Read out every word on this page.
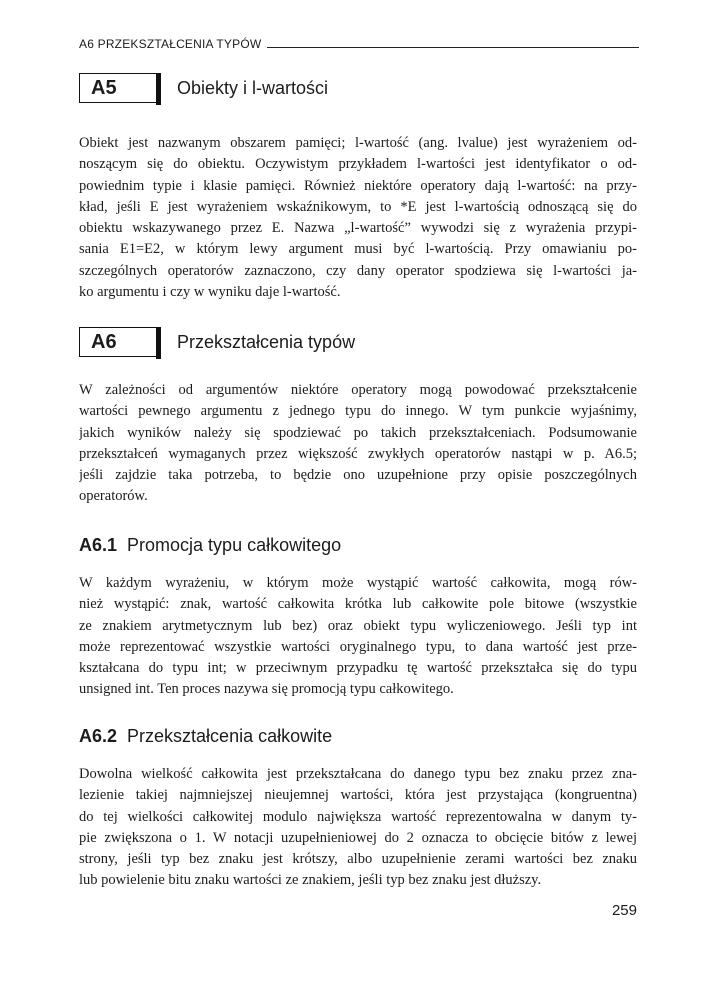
A6 PRZEKSZTAŁCENIA TYPÓW
A5	Obiekty i l-wartości
Obiekt jest nazwanym obszarem pamięci; l-wartość (ang. lvalue) jest wyrażeniem od-
noszącym się do obiektu. Oczywistym przykładem l-wartości jest identyfikator o od-
powiednim typie i klasie pamięci. Również niektóre operatory dają l-wartość: na przy-
kład, jeśli E jest wyrażeniem wskaźnikowym, to *E jest l-wartością odnoszącą się do
obiektu wskazywanego przez E. Nazwa „l-wartość” wywodzi się z wyrażenia przypi-
sania E1=E2, w którym lewy argument musi być l-wartością. Przy omawianiu po-
szczególnych operatorów zaznaczono, czy dany operator spodziewa się l-wartości ja-
ko argumentu i czy w wyniku daje l-wartość.
A6	Przekształcenia typów
W zależności od argumentów niektóre operatory mogą powodować przekształcenie
wartości pewnego argumentu z jednego typu do innego. W tym punkcie wyjaśnimy,
jakich wyników należy się spodziewać po takich przekształceniach. Podsumowanie
przekształceń wymaganych przez większość zwykłych operatorów nastąpi w p. A6.5;
jeśli zajdzie taka potrzeba, to będzie ono uzupełnione przy opisie poszczególnych
operatorów.
A6.1 Promocja typu całkowitego
W każdym wyrażeniu, w którym może wystąpić wartość całkowita, mogą rów-
nież wystąpić: znak, wartość całkowita krótka lub całkowite pole bitowe (wszystkie
ze znakiem arytmetycznym lub bez) oraz obiekt typu wyliczeniowego. Jeśli typ int
może reprezentować wszystkie wartości oryginalnego typu, to dana wartość jest prze-
kształcana do typu int; w przeciwnym przypadku tę wartość przekształca się do typu
unsigned int. Ten proces nazywa się promocją typu całkowitego.
A6.2 Przekształcenia całkowite
Dowolna wielkość całkowita jest przekształcana do danego typu bez znaku przez zna-
lezienie takiej najmniejszej nieujemnej wartości, która jest przystająca (kongruentna)
do tej wielkości całkowitej modulo największa wartość reprezentowalna w danym ty-
pie zwiększona o 1. W notacji uzupełnieniowej do 2 oznacza to obcięcie bitów z lewej
strony, jeśli typ bez znaku jest krótszy, albo uzupełnienie zerami wartości bez znaku
lub powielenie bitu znaku wartości ze znakiem, jeśli typ bez znaku jest dłuższy.
259
